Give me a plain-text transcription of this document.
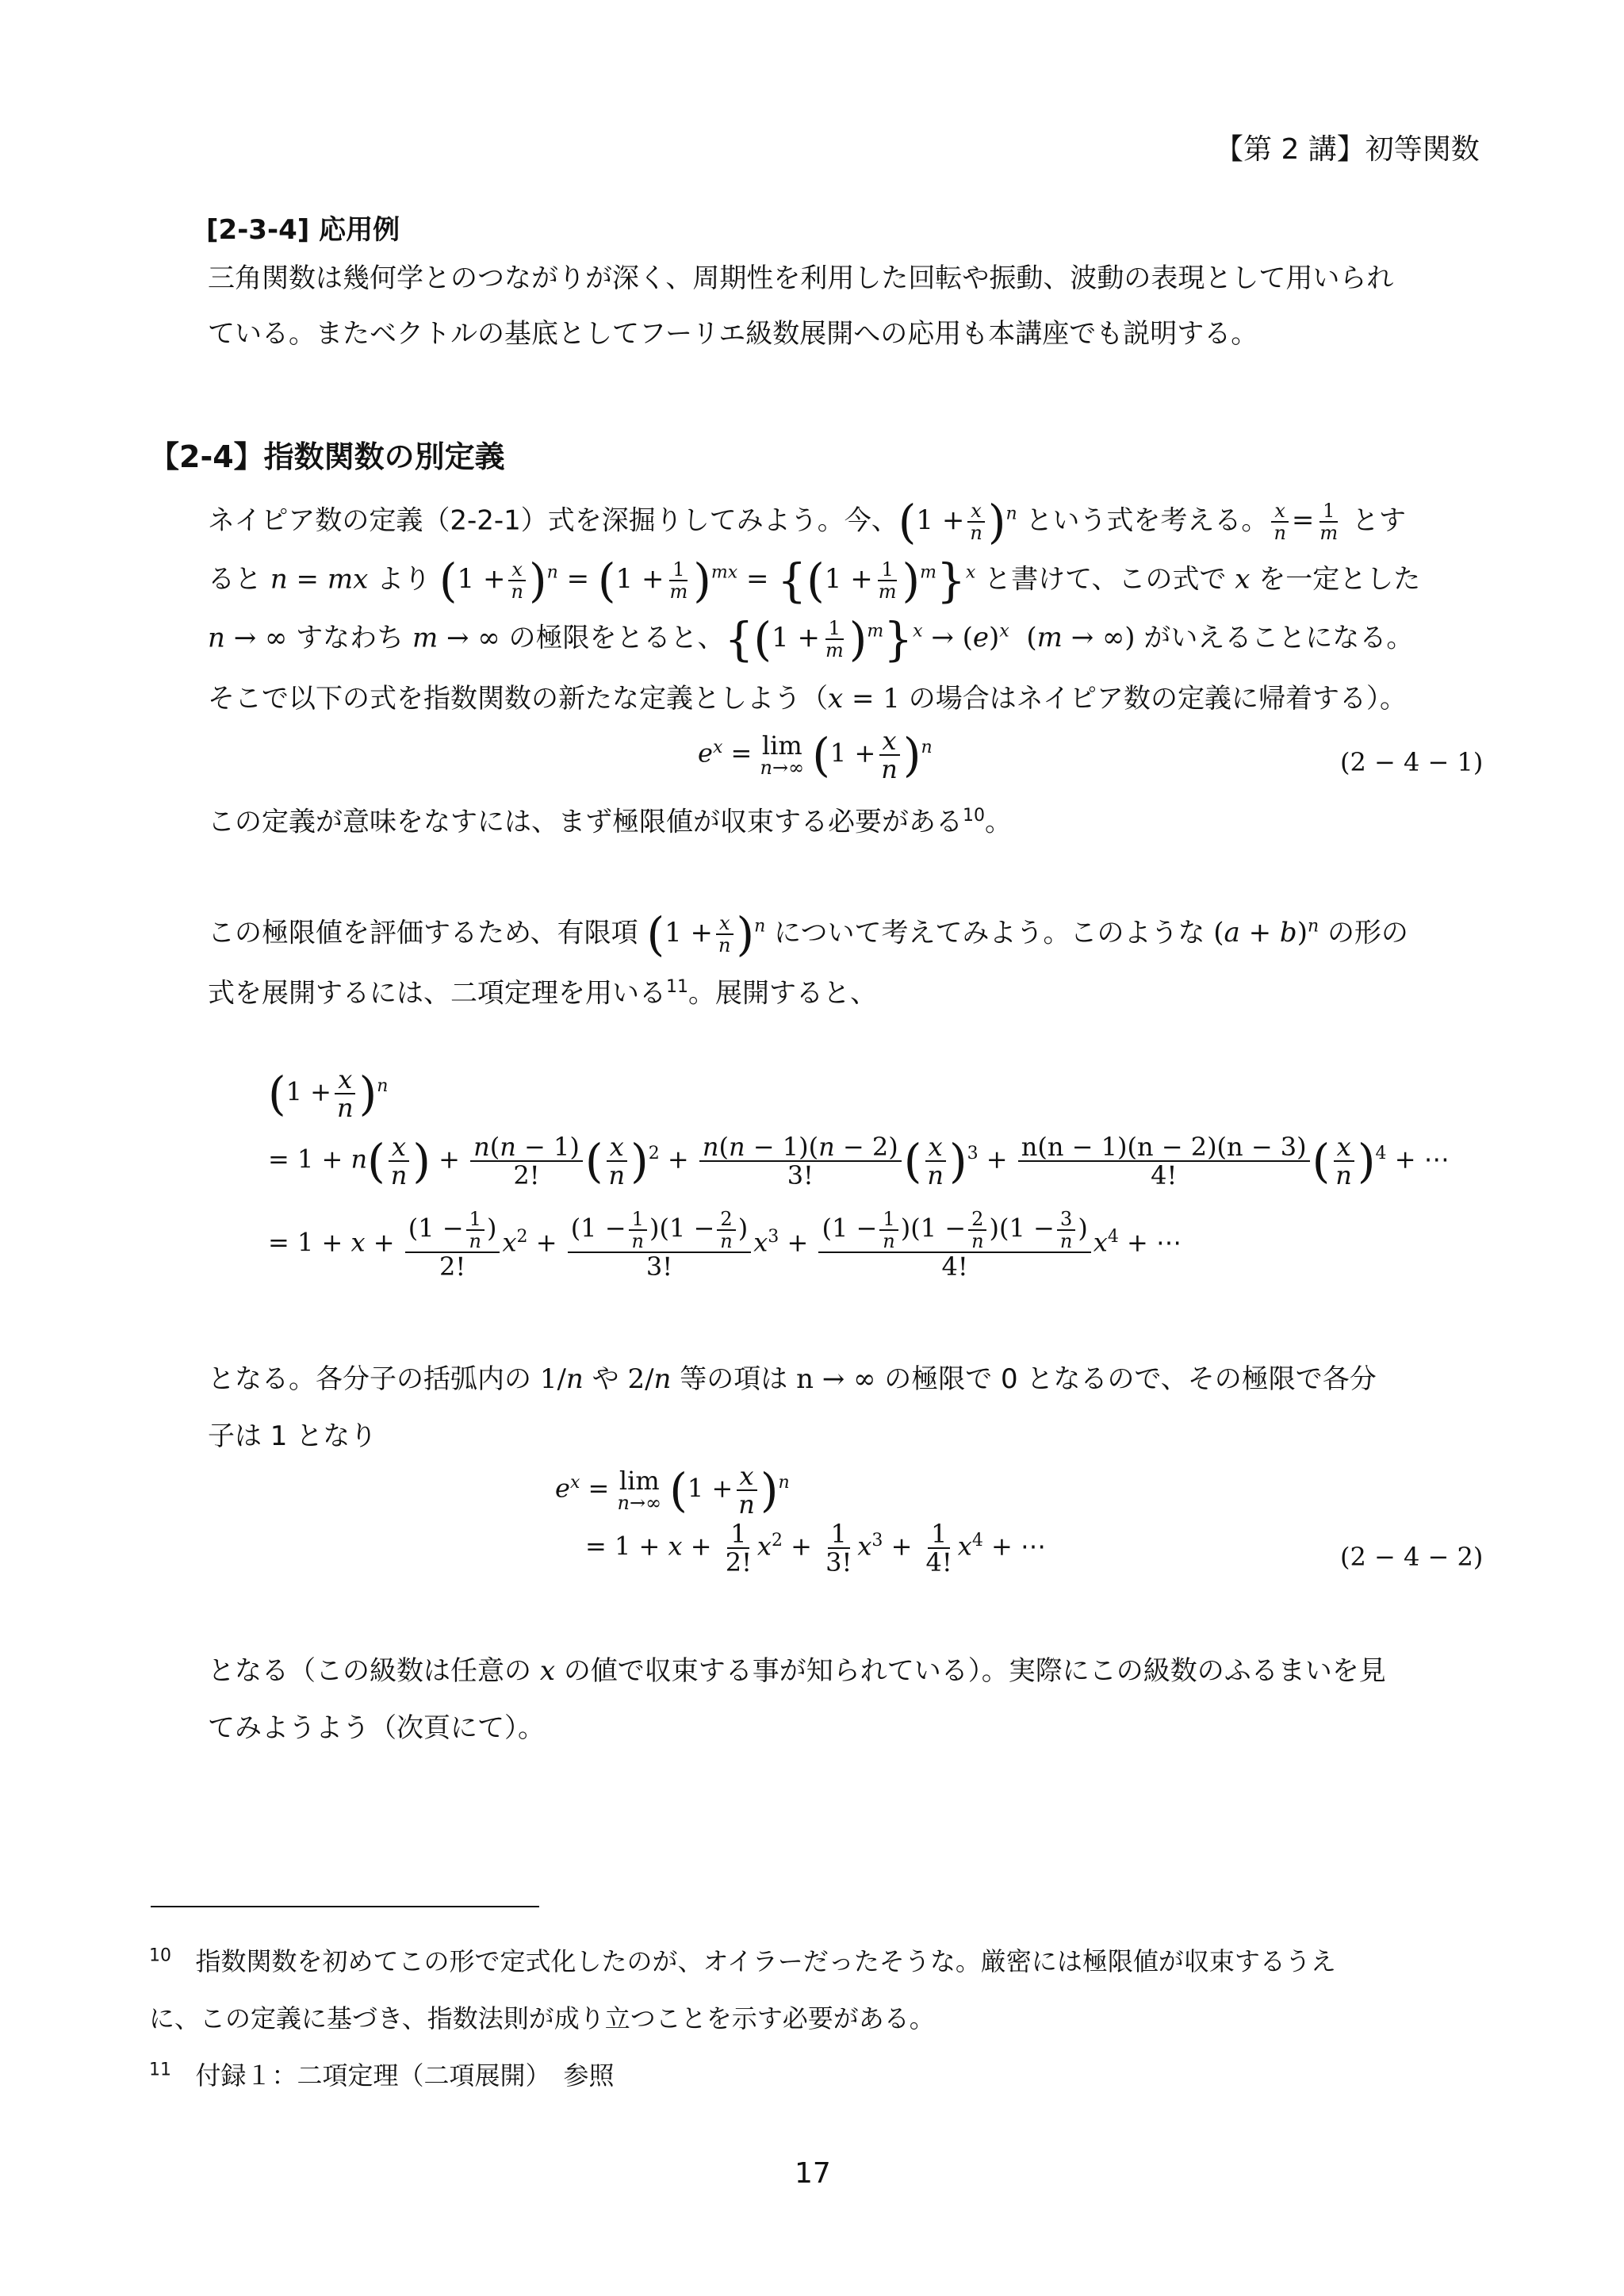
【第 2 講】初等関数
[2-3-4] 応用例
三角関数は幾何学とのつながりが深く、周期性を利用した回転や振動、波動の表現として用いられ
ている。またベクトルの基底としてフーリエ級数展開への応用も本講座でも説明する。
【2-4】指数関数の別定義
ネイピア数の定義（2-2-1）式を深掘りしてみよう。今、$(1 + \frac{x}{n} )^n$ という式を考える。 $\frac{x}{n} = \frac{1}{m}$ とす
ると n = mx より $(1 + \frac{x}{n} )^n = (1 + \frac{1}{m} )^{mx} = \{(1 + \frac{1}{m} )^m\}^x$ と書けて、この式で x を一定とした
n → ∞ すなわち m → ∞ の極限をとると、$\{(1 + \frac{1}{m} )^m\}^x \to (e)^x$ (m → ∞) がいえることになる。
そこで以下の式を指数関数の新たな定義としよう（x = 1 の場合はネイピア数の定義に帰着する）。
$e^x = \lim$
n→∞ $(1 + \frac{x}{n} )^n$	(2 − 4 − 1)
この定義が意味をなすには、まず極限値が収束する必要がある$^{10}$。
この極限値を評価するため、有限項 $(1 + \frac{x}{n} )^n$ について考えてみよう。このような $(a + b)^n$ の形の
式を展開するには、二項定理を用いる$^{11}$。展開すると、
$(1 + \frac{x}{n} )^n$
= $1 + n( \frac{x}{n}$ ) + $\frac{n(n - 1)}{2!}$ ( $\frac{x}{n} )^2 + \frac{n(n - 1)(n - 2)}{3!}$ ( $\frac{x}{n} )^3 + \frac{n(n - 1)(n - 2)(n - 3)}{4!}$ ( $\frac{x}{n} )^4$ + ⋯
= $1 + x + \frac{(1 - \frac{1}{n} )}{2!} x^2 + \frac{(1 - \frac{1}{n} )(1 - \frac{2}{n} )}{3!} x^3 + \frac{(1 - \frac{1}{n} )(1 - \frac{2}{n} )(1 - \frac{3}{n} )}{4!} x^4$ + ⋯
となる。各分子の括弧内の 1/n や 2/n 等の項は n → ∞ の極限で 0 となるので、その極限で各分
子は 1 となり
$e^x = \lim$
n→∞ $(1 + \frac{x}{n} )^n$
= $1 + x + \frac{1}{2!} x^2 + \frac{1}{3!} x^3 + \frac{1}{4!} x^4$ + ⋯	(2 − 4 − 2)
となる（この級数は任意の x の値で収束する事が知られている）。実際にこの級数のふるまいを見
てみようよう（次頁にて）。
$^{10}$ 指数関数を初めてこの形で定式化したのが、オイラーだったそうな。厳密には極限値が収束するうえ
に、この定義に基づき、指数法則が成り立つことを示す必要がある。
$^{11}$ 付録１：二項定理（二項展開）　参照
17
